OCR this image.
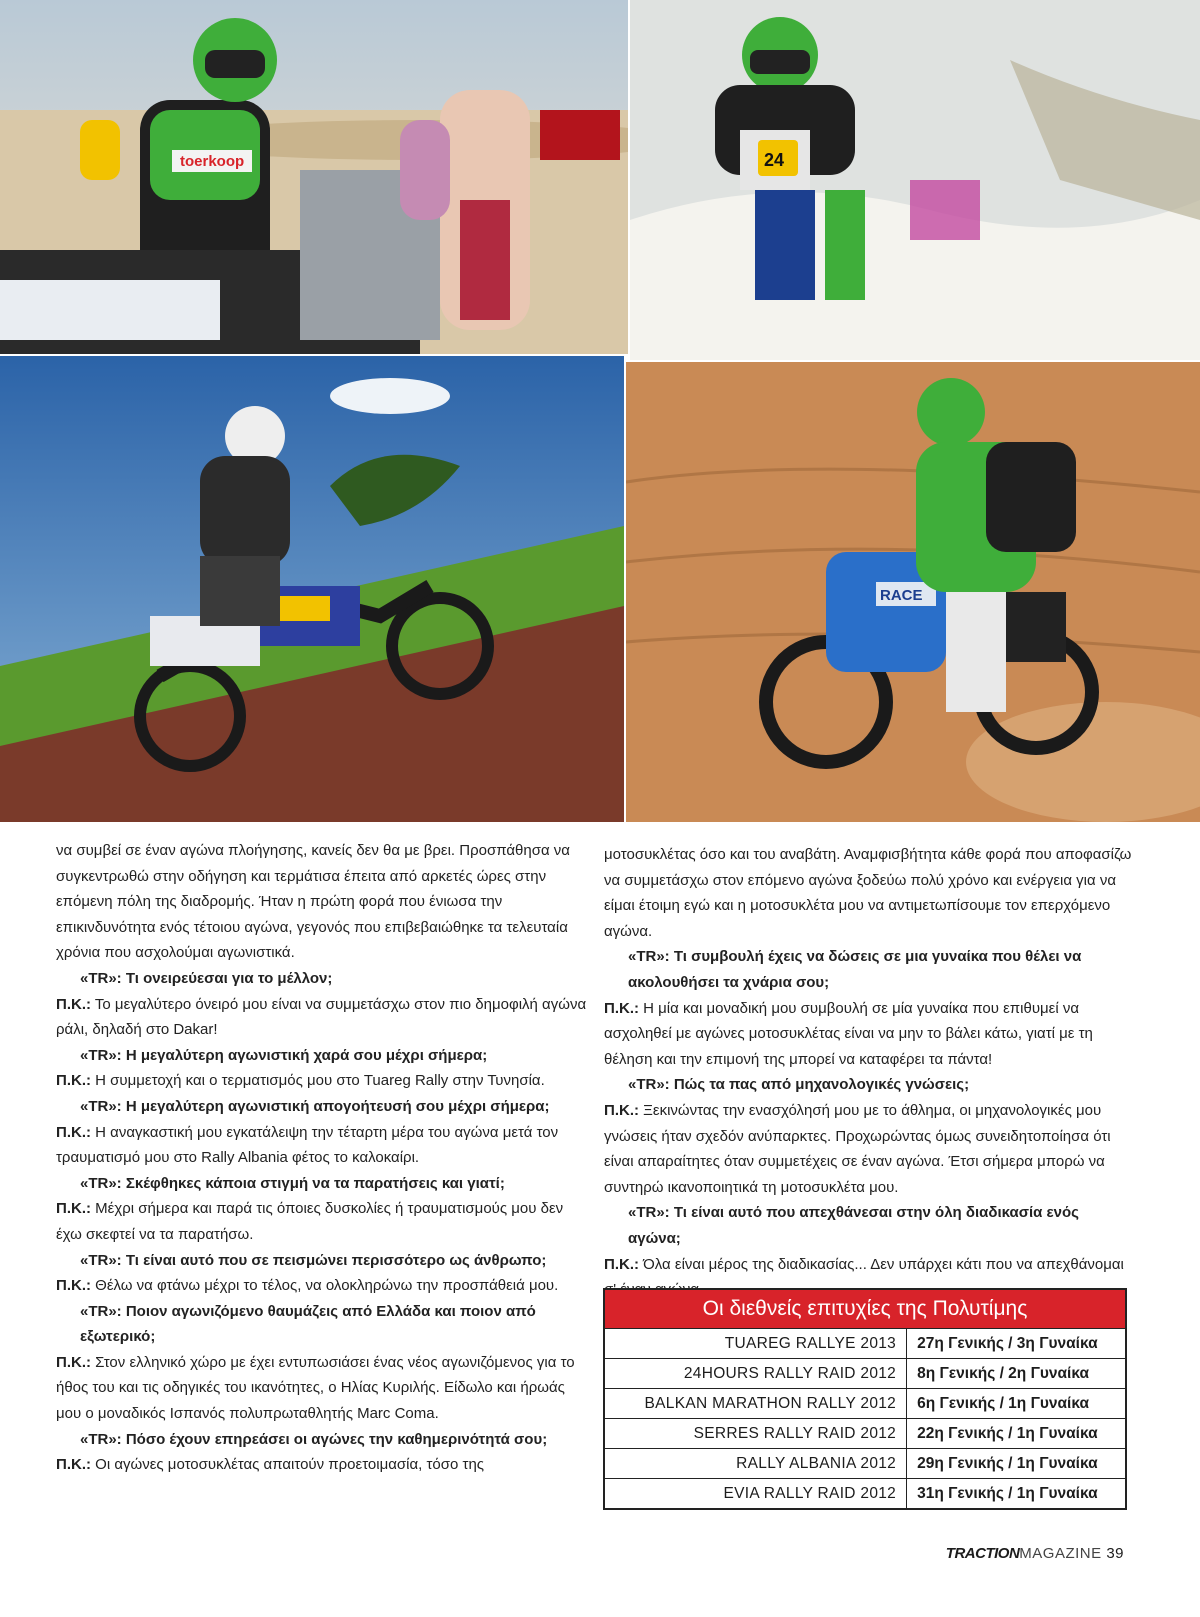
toerkoop	24
RACE

να συμβεί σε έναν αγώνα πλοήγησης, κανείς δεν θα με βρει. Προσπάθησα να συγκεντρωθώ στην οδήγηση και τερμάτισα έπειτα από αρκετές ώρες στην επόμενη πόλη της διαδρομής. Ήταν η πρώτη φορά που ένιωσα την επικινδυνότητα ενός τέτοιου αγώνα, γεγονός που επιβεβαιώθηκε τα τελευταία χρόνια που ασχολούμαι αγωνιστικά.

«TR»: Τι ονειρεύεσαι για το μέλλον;

Π.Κ.: Το μεγαλύτερο όνειρό μου είναι να συμμετάσχω στον πιο δημοφιλή αγώνα ράλι, δηλαδή στο Dakar!

«TR»: Η μεγαλύτερη αγωνιστική χαρά σου μέχρι σήμερα;

Π.Κ.: Η συμμετοχή και ο τερματισμός μου στο Tuareg Rally στην Τυνησία.

«TR»: Η μεγαλύτερη αγωνιστική απογοήτευσή σου μέχρι σήμερα;

Π.Κ.: Η αναγκαστική μου εγκατάλειψη την τέταρτη μέρα του αγώνα μετά τον τραυματισμό μου στο Rally Albania φέτος το καλοκαίρι.

«TR»: Σκέφθηκες κάποια στιγμή να τα παρατήσεις και γιατί;

Π.Κ.: Μέχρι σήμερα και παρά τις όποιες δυσκολίες ή τραυματισμούς μου δεν έχω σκεφτεί να τα παρατήσω.

«TR»: Τι είναι αυτό που σε πεισμώνει περισσότερο ως άνθρωπο;

Π.Κ.: Θέλω να φτάνω μέχρι το τέλος, να ολοκληρώνω την προσπάθειά μου.

«TR»: Ποιον αγωνιζόμενο θαυμάζεις από Ελλάδα και ποιον από εξωτερικό;

Π.Κ.: Στον ελληνικό χώρο με έχει εντυπωσιάσει ένας νέος αγωνιζόμενος για το ήθος του και τις οδηγικές του ικανότητες, ο Ηλίας Κυριλής. Είδωλο και ήρωάς μου ο μοναδικός Ισπανός πολυπρωταθλητής Marc Coma.

«TR»: Πόσο έχουν επηρεάσει οι αγώνες την καθημερινότητά σου;

Π.Κ.: Οι αγώνες μοτοσυκλέτας απαιτούν προετοιμασία, τόσο της

μοτοσυκλέτας όσο και του αναβάτη. Αναμφισβήτητα κάθε φορά που αποφασίζω να συμμετάσχω στον επόμενο αγώνα ξοδεύω πολύ χρόνο και ενέργεια για να είμαι έτοιμη εγώ και η μοτοσυκλέτα μου να αντιμετωπίσουμε τον επερχόμενο αγώνα.

«TR»: Τι συμβουλή έχεις να δώσεις σε μια γυναίκα που θέλει να ακολουθήσει τα χνάρια σου;

Π.Κ.: Η μία και μοναδική μου συμβουλή σε μία γυναίκα που επιθυμεί να ασχοληθεί με αγώνες μοτοσυκλέτας είναι να μην το βάλει κάτω, γιατί με τη θέληση και την επιμονή της μπορεί να καταφέρει τα πάντα!

«TR»: Πώς τα πας από μηχανολογικές γνώσεις;

Π.Κ.: Ξεκινώντας την ενασχόλησή μου με το άθλημα, οι μηχανολογικές μου γνώσεις ήταν σχεδόν ανύπαρκτες. Προχωρώντας όμως συνειδητοποίησα ότι είναι απαραίτητες όταν συμμετέχεις σε έναν αγώνα. Έτσι σήμερα μπορώ να συντηρώ ικανοποιητικά τη μοτοσυκλέτα μου.

«TR»: Τι είναι αυτό που απεχθάνεσαι στην όλη διαδικασία ενός αγώνα;

Π.Κ.: Όλα είναι μέρος της διαδικασίας... Δεν υπάρχει κάτι που να απεχθάνομαι

Οι διεθνείς επιτυχίες της Πολυτίμης
TUAREG RALLYE 2013	27η Γενικής / 3η Γυναίκα
24HOURS RALLY RAID 2012	8η Γενικής / 2η Γυναίκα
BALKAN MARATHON RALLY 2012	6η Γενικής / 1η Γυναίκα
SERRES RALLY RAID 2012	22η Γενικής / 1η Γυναίκα
RALLY ALBANIA 2012	29η Γενικής / 1η Γυναίκα
EVIA RALLY RAID 2012	31η Γενικής / 1η Γυναίκα
TRACTIONMAGAZINE 39
